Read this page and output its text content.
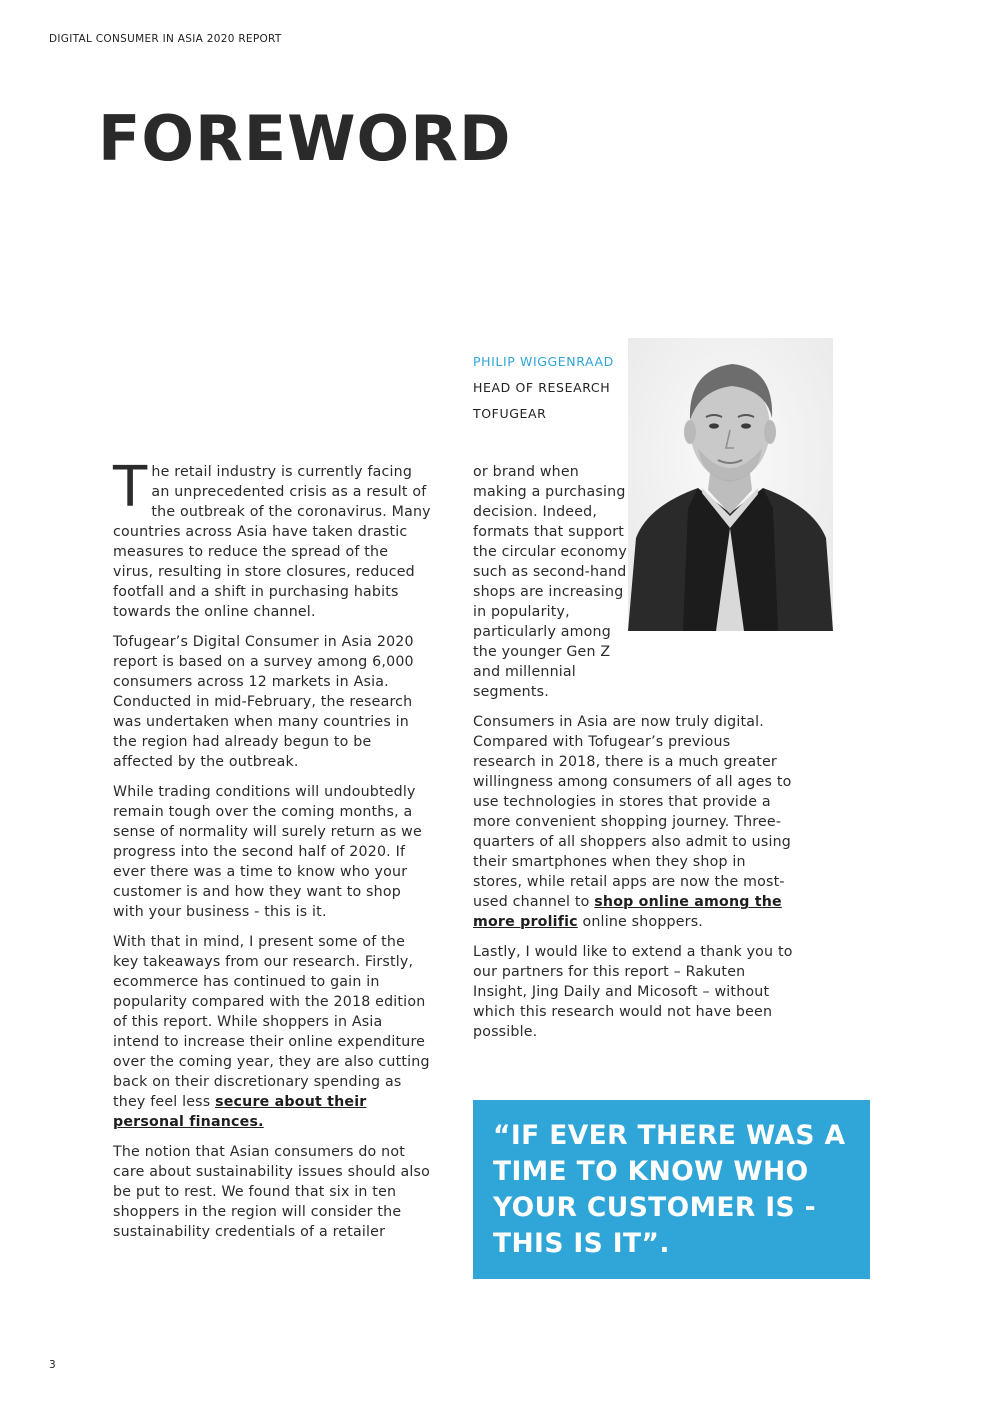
DIGITAL CONSUMER IN ASIA 2020 REPORT
FOREWORD
PHILIP WIGGENRAAD
HEAD OF RESEARCH
TOFUGEAR

The retail industry is currently facing an unprecedented crisis as a result of the outbreak of the coronavirus. Many countries across Asia have taken drastic measures to reduce the spread of the virus, resulting in store closures, reduced footfall and a shift in purchasing habits towards the online channel.

Tofugear’s Digital Consumer in Asia 2020 report is based on a survey among 6,000 consumers across 12 markets in Asia. Conducted in mid-February, the research was undertaken when many countries in the region had already begun to be affected by the outbreak.

While trading conditions will undoubtedly remain tough over the coming months, a sense of normality will surely return as we progress into the second half of 2020. If ever there was a time to know who your customer is and how they want to shop with your business - this is it.

With that in mind, I present some of the key takeaways from our research. Firstly, ecommerce has continued to gain in popularity compared with the 2018 edition of this report. While shoppers in Asia intend to increase their online expenditure over the coming year, they are also cutting back on their discretionary spending as they feel less secure about their personal finances.

The notion that Asian consumers do not care about sustainability issues should also be put to rest. We found that six in ten shoppers in the region will consider the sustainability credentials of a retailer

or brand when making a purchasing decision. Indeed, formats that support the circular economy such as second-hand shops are increasing in popularity, particularly among the younger Gen Z and millennial segments.

Consumers in Asia are now truly digital. Compared with Tofugear’s previous research in 2018, there is a much greater willingness among consumers of all ages to use technologies in stores that provide a more convenient shopping journey. Three-quarters of all shoppers also admit to using their smartphones when they shop in stores, while retail apps are now the most-used channel to shop online among the more prolific online shoppers.

Lastly, I would like to extend a thank you to our partners for this report – Rakuten Insight, Jing Daily and Micosoft – without which this research would not have been possible.

“IF EVER THERE WAS A TIME TO KNOW WHO YOUR CUSTOMER IS - THIS IS IT”.
3
